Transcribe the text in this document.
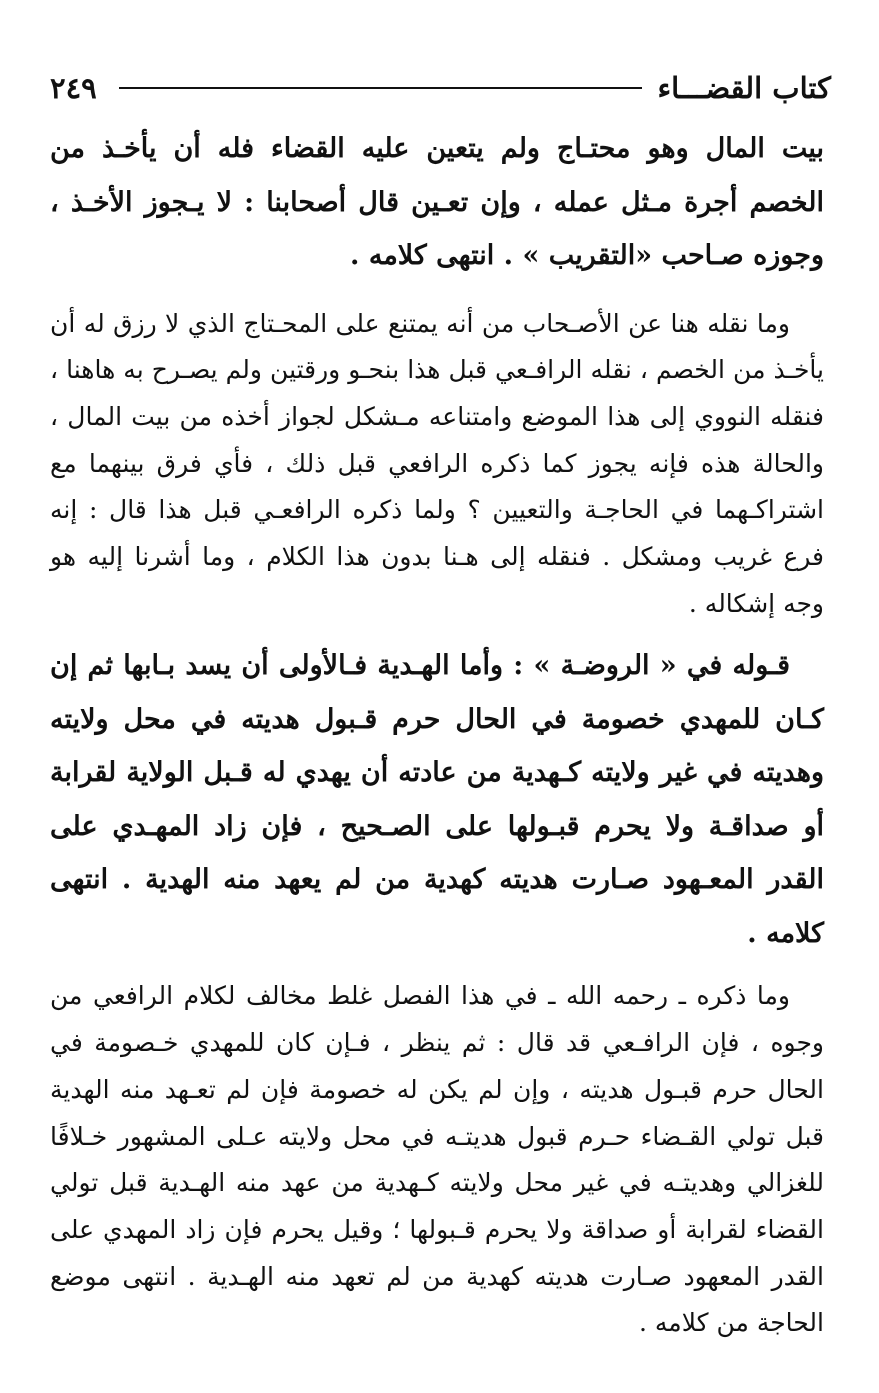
كتاب القضـــاء
٢٤٩

بيت المال وهو محتـاج ولم يتعين عليه القضاء فله أن يأخـذ من الخصم أجرة مـثل عمله ، وإن تعـين قال أصحابنا : لا يـجوز الأخـذ ، وجوزه صـاحب «التقريب » . انتهى كلامه .

وما نقله هنا عن الأصـحاب من أنه يمتنع على المحـتاج الذي لا رزق له أن يأخـذ من الخصم ، نقله الرافـعي قبل هذا بنحـو ورقتين ولم يصـرح به هاهنا ، فنقله النووي إلى هذا الموضع وامتناعه مـشكل لجواز أخذه من بيت المال ، والحالة هذه فإنه يجوز كما ذكره الرافعي قبل ذلك ، فأي فرق بينهما مع اشتراكـهما في الحاجـة والتعيين ؟ ولما ذكره الرافعـي قبل هذا قال : إنه فرع غريب ومشكل . فنقله إلى هـنا بدون هذا الكلام ، وما أشرنا إليه هو وجه إشكاله .

قـوله في « الروضـة » : وأما الهـدية فـالأولى أن يسد بـابها ثم إن كـان للمهدي خصومة في الحال حرم قـبول هديته في محل ولايته وهديته في غير ولايته كـهدية من عادته أن يهدي له قـبل الولاية لقرابة أو صداقـة ولا يحرم قبـولها على الصـحيح ، فإن زاد المهـدي على القدر المعـهود صـارت هديته كهدية من لم يعهد منه الهدية . انتهى كلامه .

وما ذكره ـ رحمه الله ـ في هذا الفصل غلط مخالف لكلام الرافعي من وجوه ، فإن الرافـعي قد قال : ثم ينظر ، فـإن كان للمهدي خـصومة في الحال حرم قبـول هديته ، وإن لم يكن له خصومة فإن لم تعـهد منه الهدية قبل تولي القـضاء حـرم قبول هديتـه في محل ولايته عـلى المشهور خـلافًا للغزالي وهديتـه في غير محل ولايته كـهدية من عهد منه الهـدية قبل تولي القضاء لقرابة أو صداقة ولا يحرم قـبولها ؛ وقيل يحرم فإن زاد المهدي على القدر المعهود صـارت هديته كهدية من لم تعهد منه الهـدية . انتهى موضع الحاجة من كلامه .
